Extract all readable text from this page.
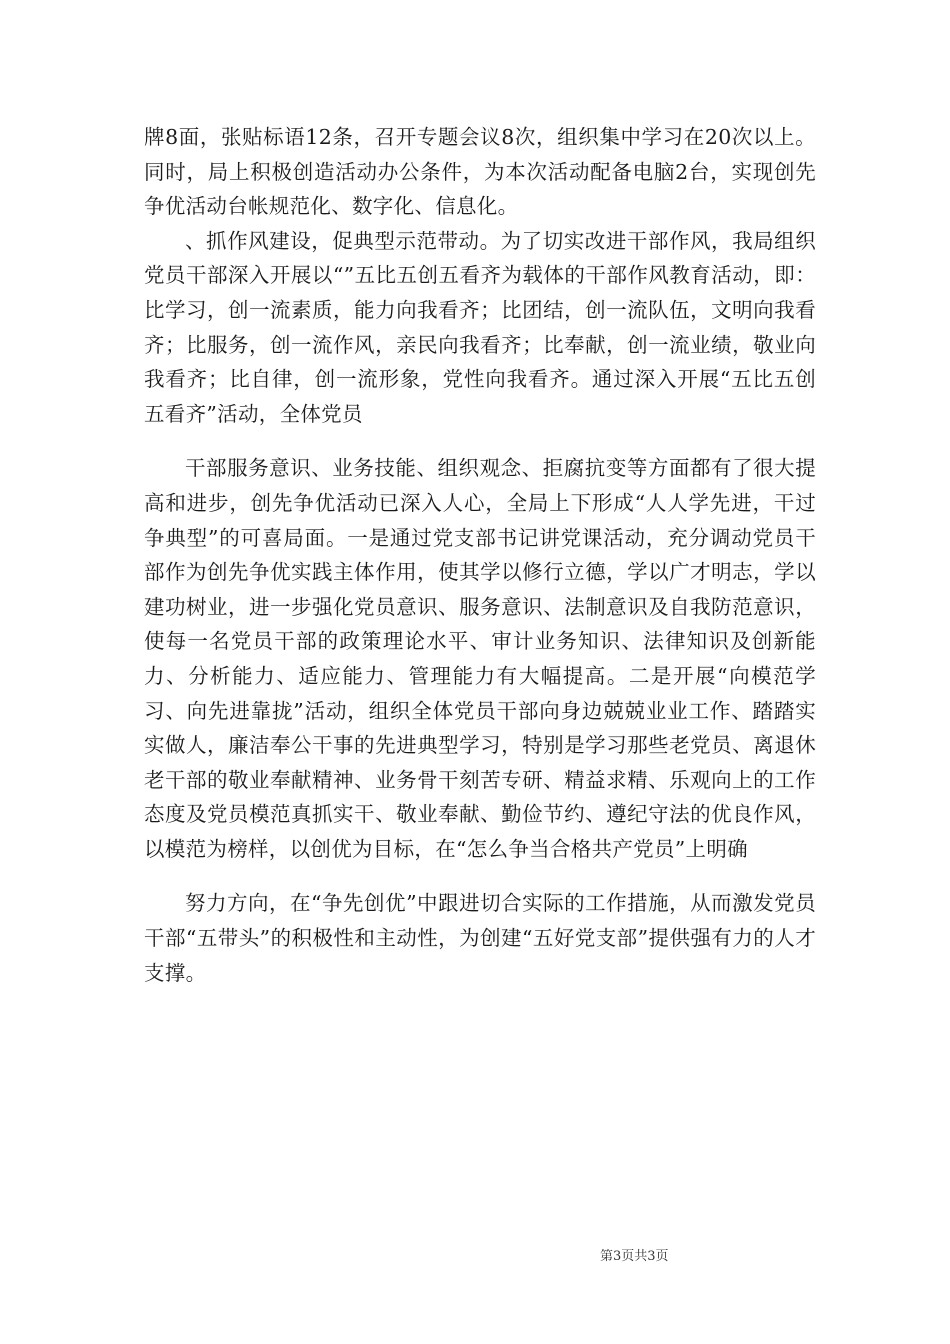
牌8面，张贴标语12条，召开专题会议8次，组织集中学习在20次以上。同时，局上积极创造活动办公条件，为本次活动配备电脑2台，实现创先争优活动台帐规范化、数字化、信息化。

、抓作风建设，促典型示范带动。为了切实改进干部作风，我局组织党员干部深入开展以“”五比五创五看齐为载体的干部作风教育活动，即：比学习，创一流素质，能力向我看齐；比团结，创一流队伍，文明向我看齐；比服务，创一流作风，亲民向我看齐；比奉献，创一流业绩，敬业向我看齐；比自律，创一流形象，党性向我看齐。通过深入开展“五比五创五看齐”活动，全体党员

干部服务意识、业务技能、组织观念、拒腐抗变等方面都有了很大提高和进步，创先争优活动已深入人心，全局上下形成“人人学先进，干过争典型”的可喜局面。一是通过党支部书记讲党课活动，充分调动党员干部作为创先争优实践主体作用，使其学以修行立德，学以广才明志，学以建功树业，进一步强化党员意识、服务意识、法制意识及自我防范意识，使每一名党员干部的政策理论水平、审计业务知识、法律知识及创新能力、分析能力、适应能力、管理能力有大幅提高。二是开展“向模范学习、向先进靠拢”活动，组织全体党员干部向身边兢兢业业工作、踏踏实实做人，廉洁奉公干事的先进典型学习，特别是学习那些老党员、离退休老干部的敬业奉献精神、业务骨干刻苦专研、精益求精、乐观向上的工作态度及党员模范真抓实干、敬业奉献、勤俭节约、遵纪守法的优良作风，以模范为榜样，以创优为目标，在“怎么争当合格共产党员”上明确

努力方向，在“争先创优”中跟进切合实际的工作措施，从而激发党员干部“五带头”的积极性和主动性，为创建“五好党支部”提供强有力的人才支撑。

第3页共3页
